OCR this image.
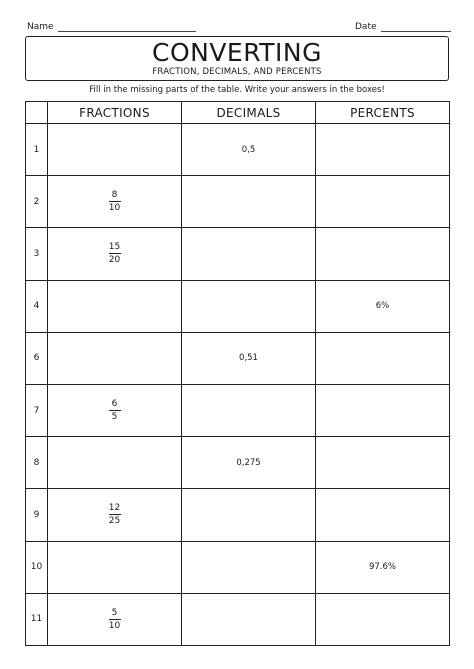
Name	Date
CONVERTING
FRACTION, DECIMALS, AND PERCENTS
Fill in the missing parts of the table. Write your answers in the boxes!
	FRACTIONS	DECIMALS	PERCENTS
1		0,5	
2	$\frac{8}{10}$

3	$\frac{15}{20}$

4			6%
6		0,51	
7	$\frac{6}{5}$

8		0,275	
9	$\frac{12}{25}$

10			97.6%
11	$\frac{5}{10}$
